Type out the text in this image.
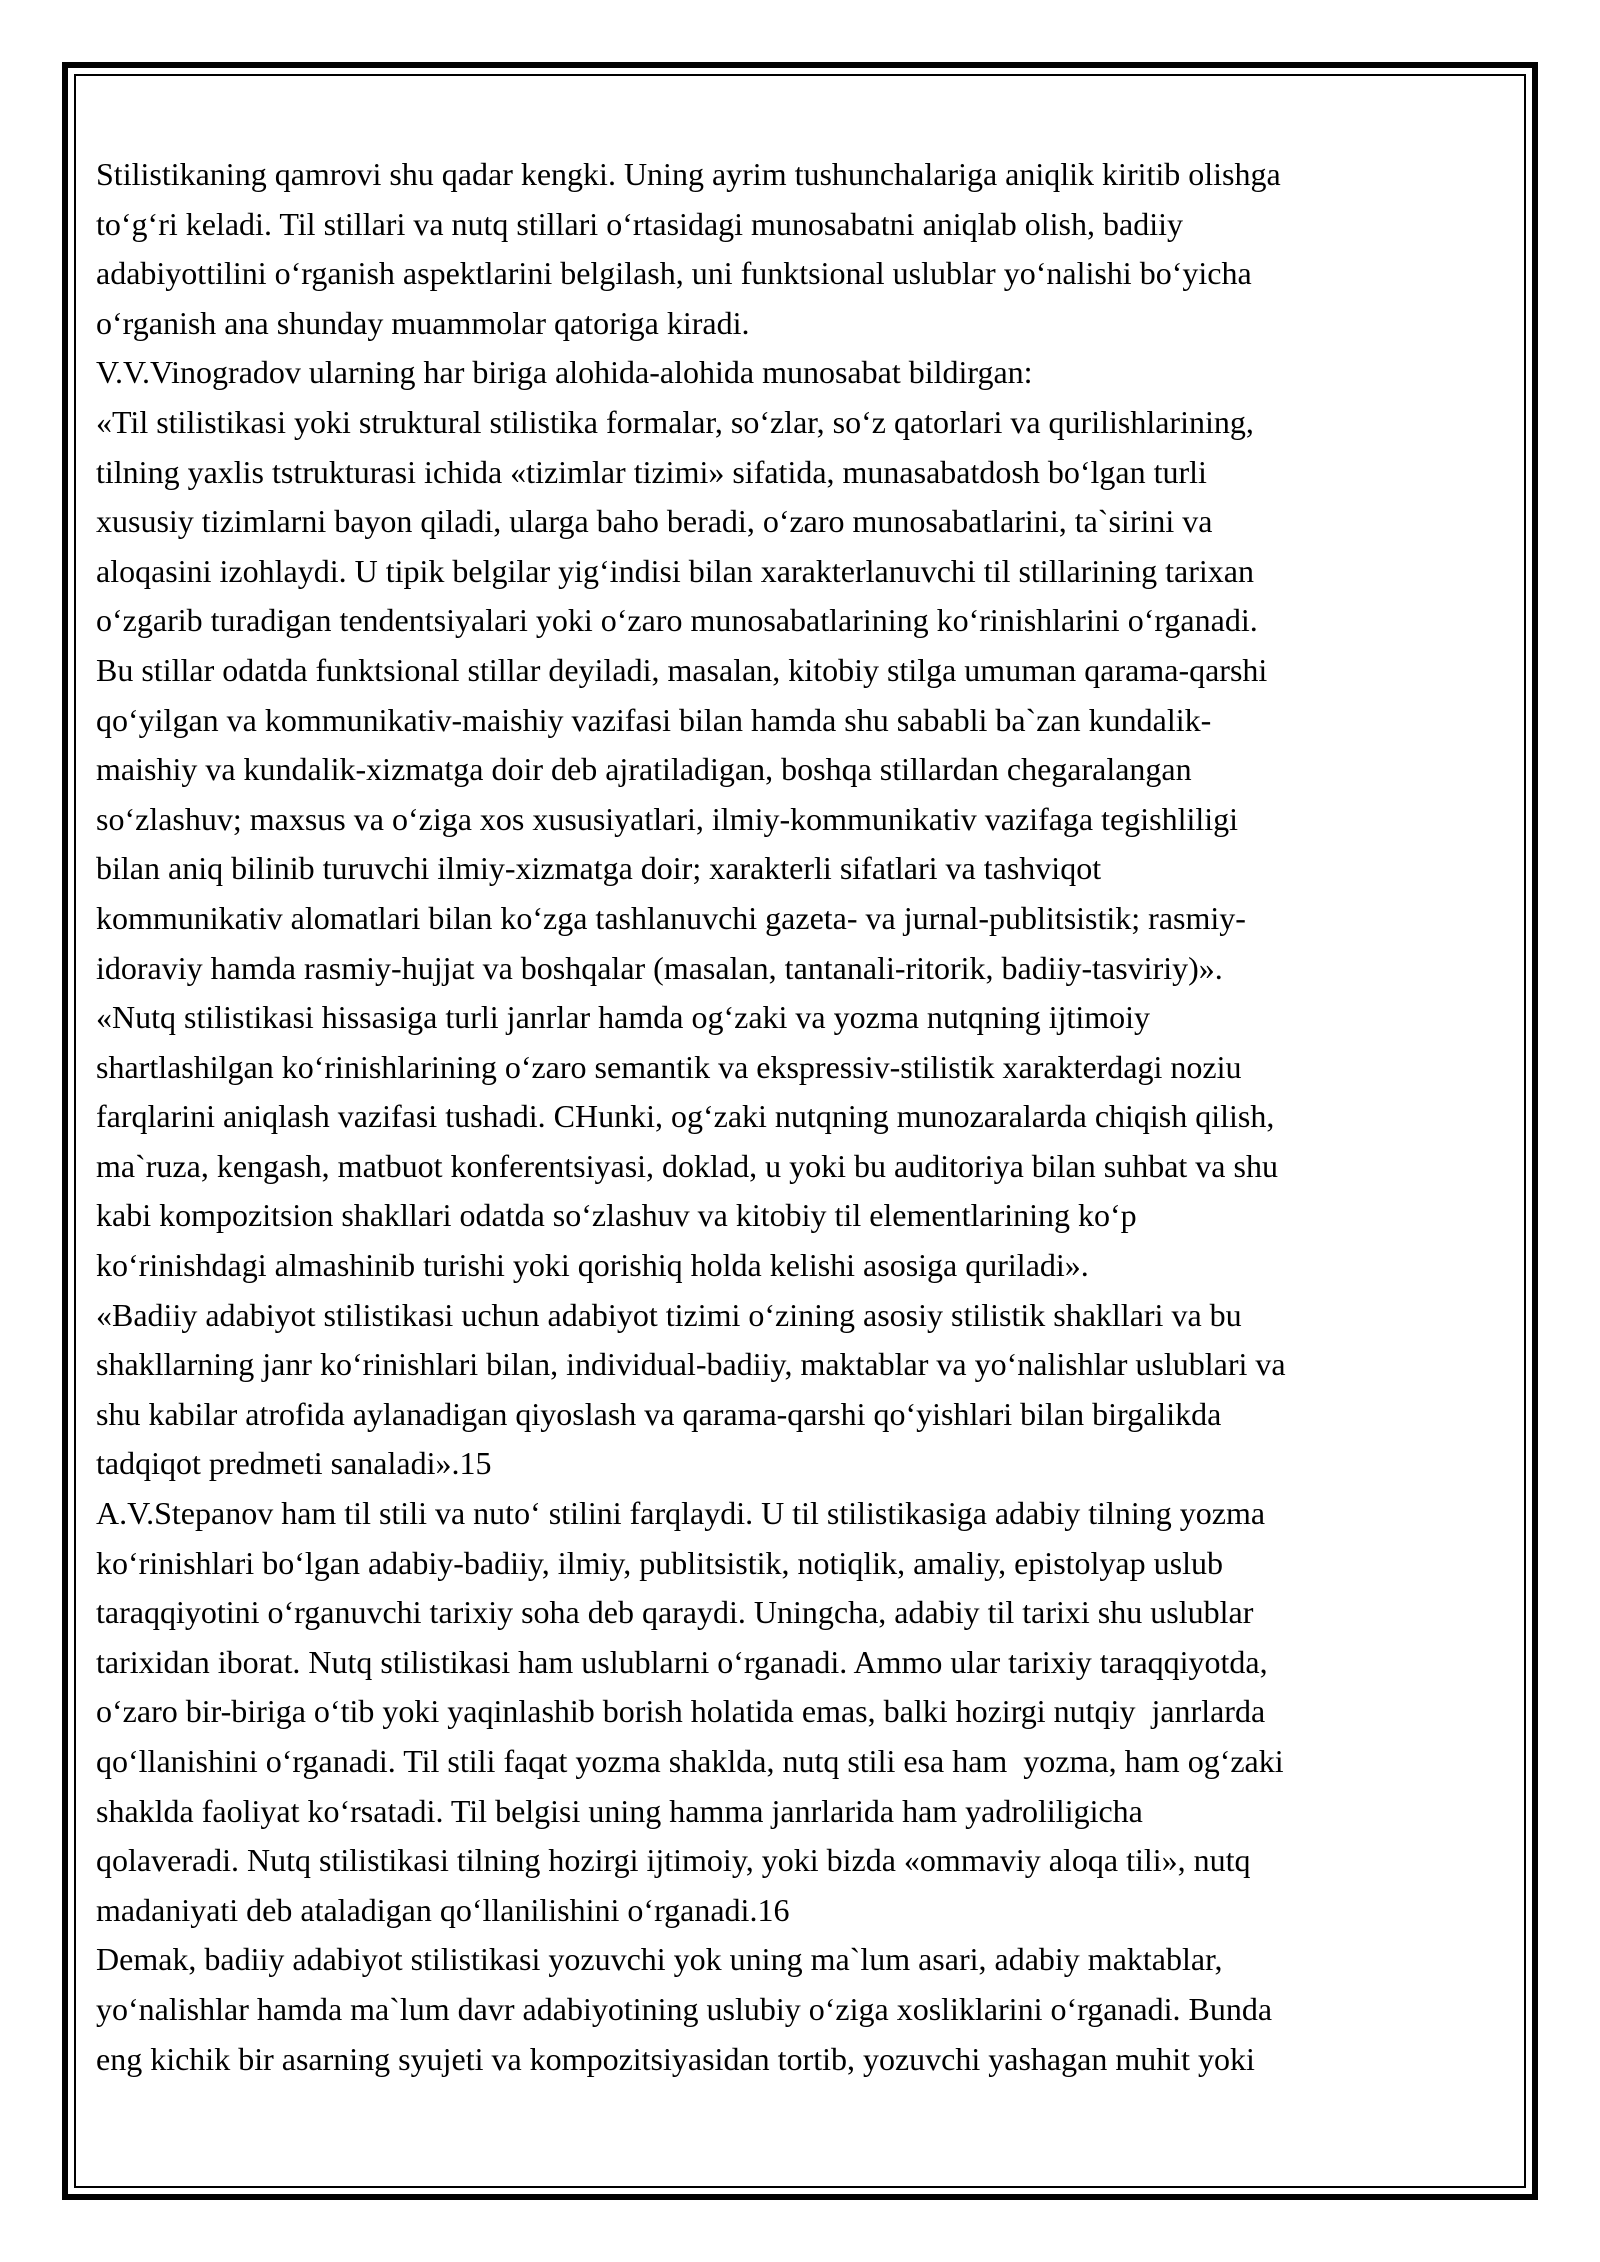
Stilistikaning qamrovi shu qadar kengki. Uning ayrim tushunchalariga aniqlik kiritib olishga
to‘g‘ri keladi. Til stillari va nutq stillari o‘rtasidagi munosabatni aniqlab olish, badiiy
adabiyottilini o‘rganish aspektlarini belgilash, uni funktsional uslublar yo‘nalishi bo‘yicha
o‘rganish ana shunday muammolar qatoriga kiradi.
V.V.Vinogradov ularning har biriga alohida-alohida munosabat bildirgan:
«Til stilistikasi yoki struktural stilistika formalar, so‘zlar, so‘z qatorlari va qurilishlarining,
tilning yaxlis tstrukturasi ichida «tizimlar tizimi» sifatida, munasabatdosh bo‘lgan turli
xususiy tizimlarni bayon qiladi, ularga baho beradi, o‘zaro munosabatlarini, ta`sirini va
aloqasini izohlaydi. U tipik belgilar yig‘indisi bilan xarakterlanuvchi til stillarining tarixan
o‘zgarib turadigan tendentsiyalari yoki o‘zaro munosabatlarining ko‘rinishlarini o‘rganadi.
Bu stillar odatda funktsional stillar deyiladi, masalan, kitobiy stilga umuman qarama-qarshi
qo‘yilgan va kommunikativ-maishiy vazifasi bilan hamda shu sababli ba`zan kundalik-
maishiy va kundalik-xizmatga doir deb ajratiladigan, boshqa stillardan chegaralangan
so‘zlashuv; maxsus va o‘ziga xos xususiyatlari, ilmiy-kommunikativ vazifaga tegishliligi
bilan aniq bilinib turuvchi ilmiy-xizmatga doir; xarakterli sifatlari va tashviqot
kommunikativ alomatlari bilan ko‘zga tashlanuvchi gazeta- va jurnal-publitsistik; rasmiy-
idoraviy hamda rasmiy-hujjat va boshqalar (masalan, tantanali-ritorik, badiiy-tasviriy)».
«Nutq stilistikasi hissasiga turli janrlar hamda og‘zaki va yozma nutqning ijtimoiy
shartlashilgan ko‘rinishlarining o‘zaro semantik va ekspressiv-stilistik xarakterdagi noziu
farqlarini aniqlash vazifasi tushadi. CHunki, og‘zaki nutqning munozaralarda chiqish qilish,
ma`ruza, kengash, matbuot konferentsiyasi, doklad, u yoki bu auditoriya bilan suhbat va shu
kabi kompozitsion shakllari odatda so‘zlashuv va kitobiy til elementlarining ko‘p
ko‘rinishdagi almashinib turishi yoki qorishiq holda kelishi asosiga quriladi».
«Badiiy adabiyot stilistikasi uchun adabiyot tizimi o‘zining asosiy stilistik shakllari va bu
shakllarning janr ko‘rinishlari bilan, individual-badiiy, maktablar va yo‘nalishlar uslublari va
shu kabilar atrofida aylanadigan qiyoslash va qarama-qarshi qo‘yishlari bilan birgalikda
tadqiqot predmeti sanaladi».15
A.V.Stepanov ham til stili va nuto‘ stilini farqlaydi. U til stilistikasiga adabiy tilning yozma
ko‘rinishlari bo‘lgan adabiy-badiiy, ilmiy, publitsistik, notiqlik, amaliy, epistolyap uslub
taraqqiyotini o‘rganuvchi tarixiy soha deb qaraydi. Uningcha, adabiy til tarixi shu uslublar
tarixidan iborat. Nutq stilistikasi ham uslublarni o‘rganadi. Ammo ular tarixiy taraqqiyotda,
o‘zaro bir-biriga o‘tib yoki yaqinlashib borish holatida emas, balki hozirgi nutqiy  janrlarda
qo‘llanishini o‘rganadi. Til stili faqat yozma shaklda, nutq stili esa ham  yozma, ham og‘zaki
shaklda faoliyat ko‘rsatadi. Til belgisi uning hamma janrlarida ham yadroliligicha
qolaveradi. Nutq stilistikasi tilning hozirgi ijtimoiy, yoki bizda «ommaviy aloqa tili», nutq
madaniyati deb ataladigan qo‘llanilishini o‘rganadi.16
Demak, badiiy adabiyot stilistikasi yozuvchi yok uning ma`lum asari, adabiy maktablar,
yo‘nalishlar hamda ma`lum davr adabiyotining uslubiy o‘ziga xosliklarini o‘rganadi. Bunda
eng kichik bir asarning syujeti va kompozitsiyasidan tortib, yozuvchi yashagan muhit yoki
